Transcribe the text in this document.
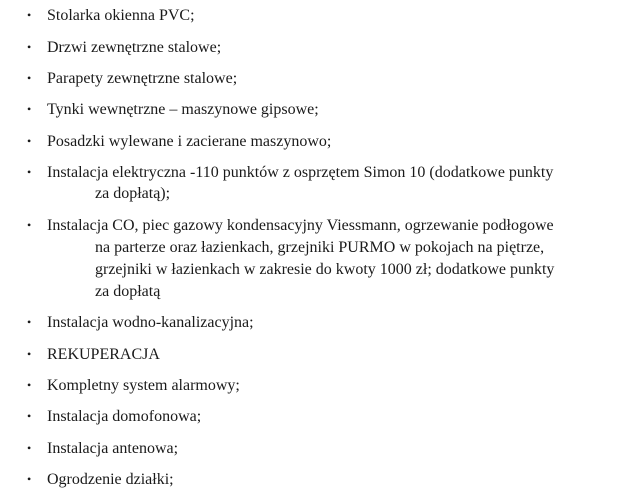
• Stolarka okienna PVC;
• Drzwi zewnętrzne stalowe;
• Parapety zewnętrzne stalowe;
• Tynki wewnętrzne – maszynowe gipsowe;
• Posadzki wylewane i zacierane maszynowo;
• Instalacja elektryczna -110 punktów z osprzętem Simon 10 (dodatkowe punkty
za dopłatą);
• Instalacja CO, piec gazowy kondensacyjny Viessmann, ogrzewanie podłogowe
na parterze oraz łazienkach, grzejniki PURMO w pokojach na piętrze,
grzejniki w łazienkach w zakresie do kwoty 1000 zł; dodatkowe punkty
za dopłatą
• Instalacja wodno-kanalizacyjna;
• REKUPERACJA
• Kompletny system alarmowy;
• Instalacja domofonowa;
• Instalacja antenowa;
• Ogrodzenie działki;
